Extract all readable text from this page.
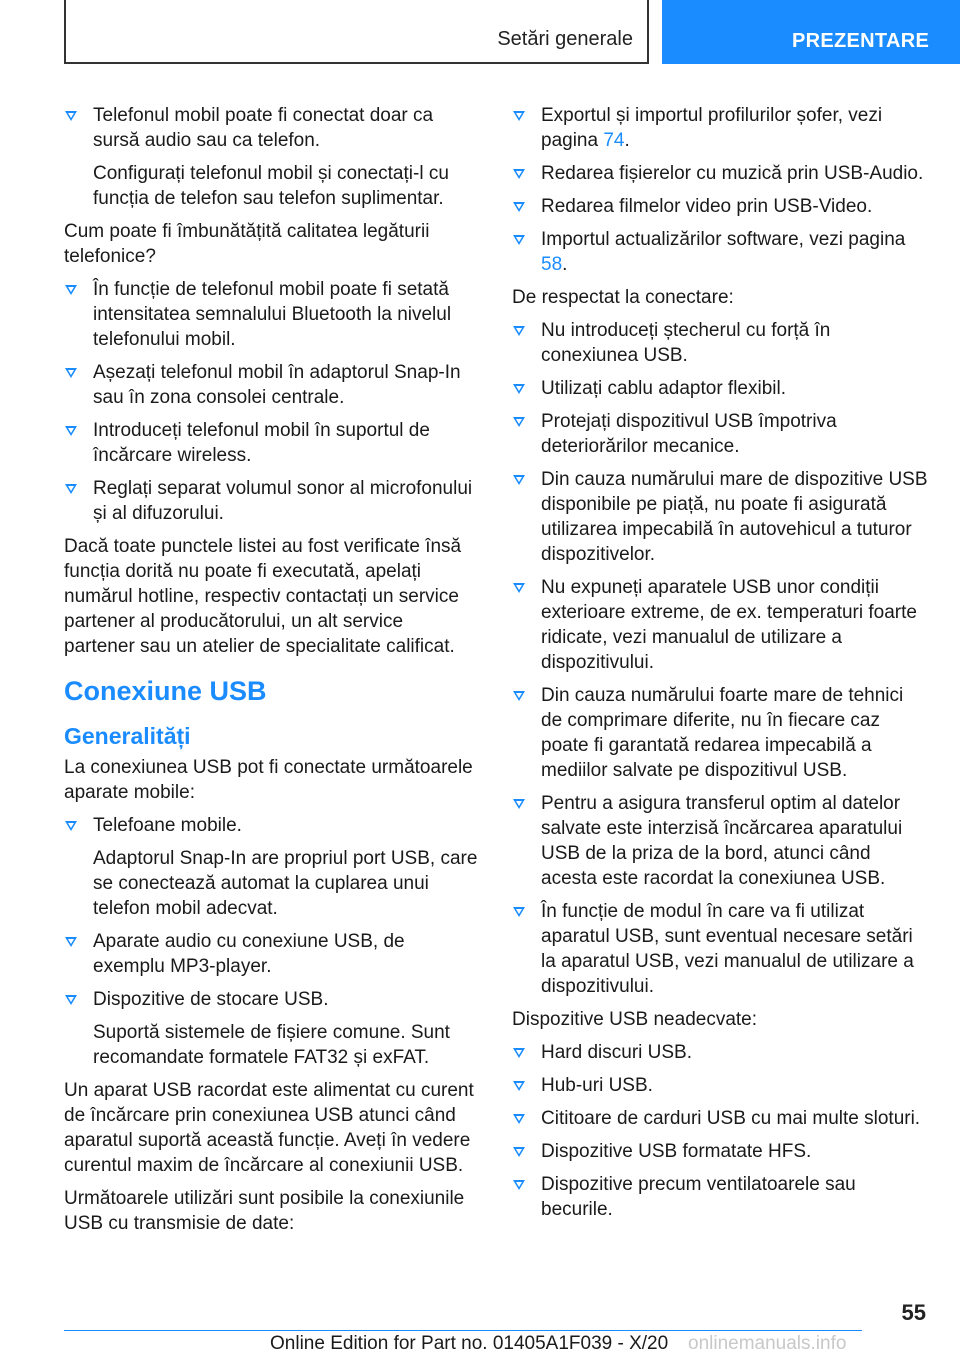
Setări generale	PREZENTARE
Telefonul mobil poate fi conectat doar ca sursă audio sau ca telefon.
Configurați telefonul mobil și conectați-l cu funcția de telefon sau telefon suplimentar.
Cum poate fi îmbunătățită calitatea legăturii telefonice?
În funcție de telefonul mobil poate fi setată intensitatea semnalului Bluetooth la nivelul telefonului mobil.
Așezați telefonul mobil în adaptorul Snap-In sau în zona consolei centrale.
Introduceți telefonul mobil în suportul de încărcare wireless.
Reglați separat volumul sonor al microfonului și al difuzorului.
Dacă toate punctele listei au fost verificate însă funcția dorită nu poate fi executată, apelați numărul hotline, respectiv contactați un service partener al producătorului, un alt service partener sau un atelier de specialitate calificat.
Conexiune USB
Generalități
La conexiunea USB pot fi conectate următoarele aparate mobile:
Telefoane mobile.
Adaptorul Snap-In are propriul port USB, care se conectează automat la cuplarea unui telefon mobil adecvat.
Aparate audio cu conexiune USB, de exemplu MP3-player.
Dispozitive de stocare USB.
Suportă sistemele de fișiere comune. Sunt recomandate formatele FAT32 și exFAT.
Un aparat USB racordat este alimentat cu curent de încărcare prin conexiunea USB atunci când aparatul suportă această funcție. Aveți în vedere curentul maxim de încărcare al conexiunii USB.
Următoarele utilizări sunt posibile la conexiunile USB cu transmisie de date:
Exportul și importul profilurilor șofer, vezi pagina 74.
Redarea fișierelor cu muzică prin USB-Audio.
Redarea filmelor video prin USB-Video.
Importul actualizărilor software, vezi pagina 58.
De respectat la conectare:
Nu introduceți ștecherul cu forță în conexiunea USB.
Utilizați cablu adaptor flexibil.
Protejați dispozitivul USB împotriva deteriorărilor mecanice.
Din cauza numărului mare de dispozitive USB disponibile pe piață, nu poate fi asigurată utilizarea impecabilă în autovehicul a tuturor dispozitivelor.
Nu expuneți aparatele USB unor condiții exterioare extreme, de ex. temperaturi foarte ridicate, vezi manualul de utilizare a dispozitivului.
Din cauza numărului foarte mare de tehnici de comprimare diferite, nu în fiecare caz poate fi garantată redarea impecabilă a mediilor salvate pe dispozitivul USB.
Pentru a asigura transferul optim al datelor salvate este interzisă încărcarea aparatului USB de la priza de la bord, atunci când acesta este racordat la conexiunea USB.
În funcție de modul în care va fi utilizat aparatul USB, sunt eventual necesare setări la aparatul USB, vezi manualul de utilizare a dispozitivului.
Dispozitive USB neadecvate:
Hard discuri USB.
Hub-uri USB.
Cititoare de carduri USB cu mai multe sloturi.
Dispozitive USB formatate HFS.
Dispozitive precum ventilatoarele sau becurile.
55
Online Edition for Part no. 01405A1F039 - X/20 onlinemanuals.info
